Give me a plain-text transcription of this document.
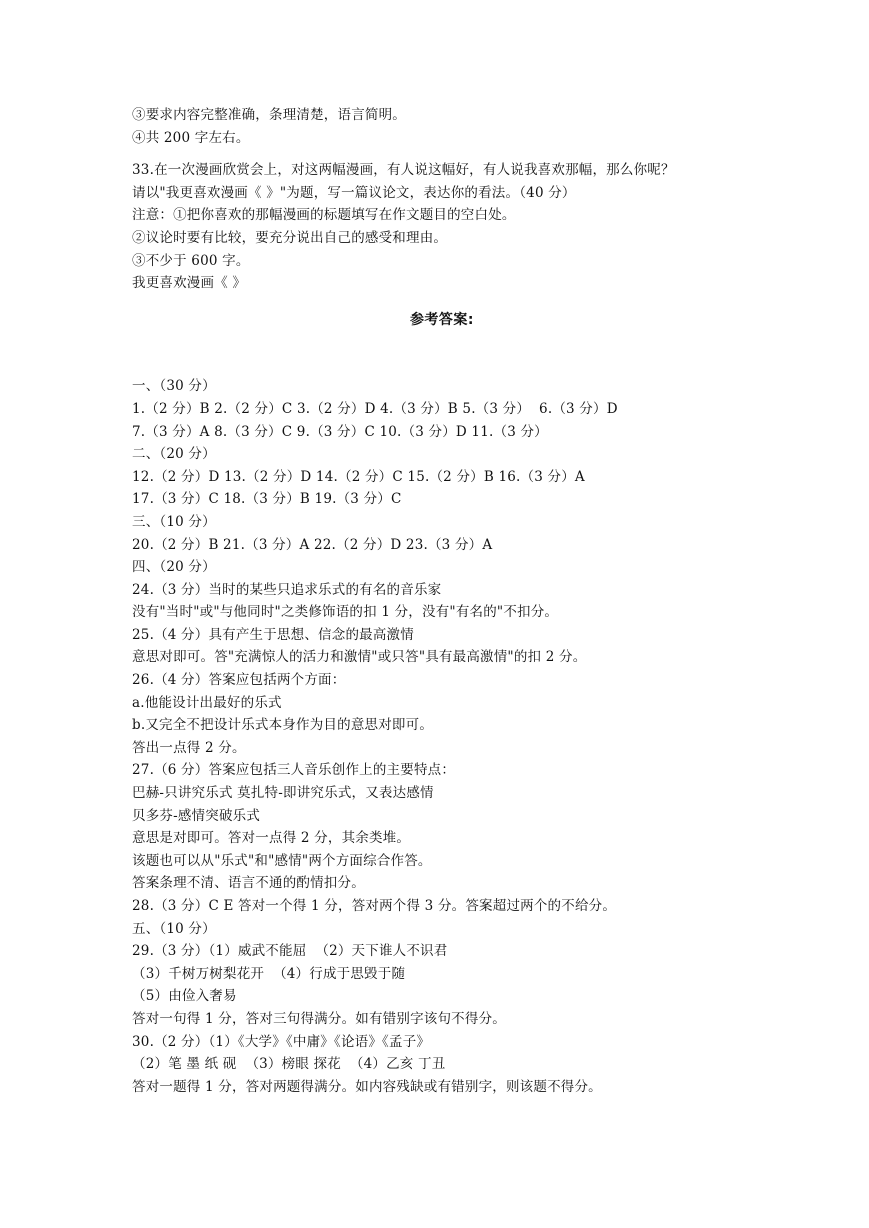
③要求内容完整准确，条理清楚，语言简明。
④共 200 字左右。
33.在一次漫画欣赏会上，对这两幅漫画，有人说这幅好，有人说我喜欢那幅，那么你呢？
请以"我更喜欢漫画《 》"为题，写一篇议论文，表达你的看法。（40 分）
注意：①把你喜欢的那幅漫画的标题填写在作文题目的空白处。
②议论时要有比较，要充分说出自己的感受和理由。
③不少于 600 字。
我更喜欢漫画《 》
参考答案:
一、（30 分）
1.（2 分）B 2.（2 分）C 3.（2 分）D 4.（3 分）B 5.（3 分）  6.（3 分）D
7.（3 分）A 8.（3 分）C 9.（3 分）C 10.（3 分）D 11.（3 分）
二、（20 分）
12.（2 分）D 13.（2 分）D 14.（2 分）C 15.（2 分）B 16.（3 分）A
17.（3 分）C 18.（3 分）B 19.（3 分）C
三、（10 分）
20.（2 分）B 21.（3 分）A 22.（2 分）D 23.（3 分）A
四、（20 分）
24.（3 分）当时的某些只追求乐式的有名的音乐家
没有"当时"或"与他同时"之类修饰语的扣 1 分，没有"有名的"不扣分。
25.（4 分）具有产生于思想、信念的最高激情
意思对即可。答"充满惊人的活力和激情"或只答"具有最高激情"的扣 2 分。
26.（4 分）答案应包括两个方面：
a.他能设计出最好的乐式
b.又完全不把设计乐式本身作为目的意思对即可。
答出一点得 2 分。
27.（6 分）答案应包括三人音乐创作上的主要特点：
巴赫-只讲究乐式 莫扎特-即讲究乐式，又表达感情
贝多芬-感情突破乐式
意思是对即可。答对一点得 2 分，其余类堆。
该题也可以从"乐式"和"感情"两个方面综合作答。
答案条理不清、语言不通的酌情扣分。
28.（3 分）C E 答对一个得 1 分，答对两个得 3 分。答案超过两个的不给分。
五、（10 分）
29.（3 分）（1）威武不能屈  （2）天下谁人不识君
（3）千树万树梨花开  （4）行成于思毁于随
（5）由俭入奢易
答对一句得 1 分，答对三句得满分。如有错别字该句不得分。
30.（2 分）（1）《大学》《中庸》《论语》《孟子》
（2）笔 墨 纸 砚  （3）榜眼 探花  （4）乙亥 丁丑
答对一题得 1 分，答对两题得满分。如内容残缺或有错别字，则该题不得分。
